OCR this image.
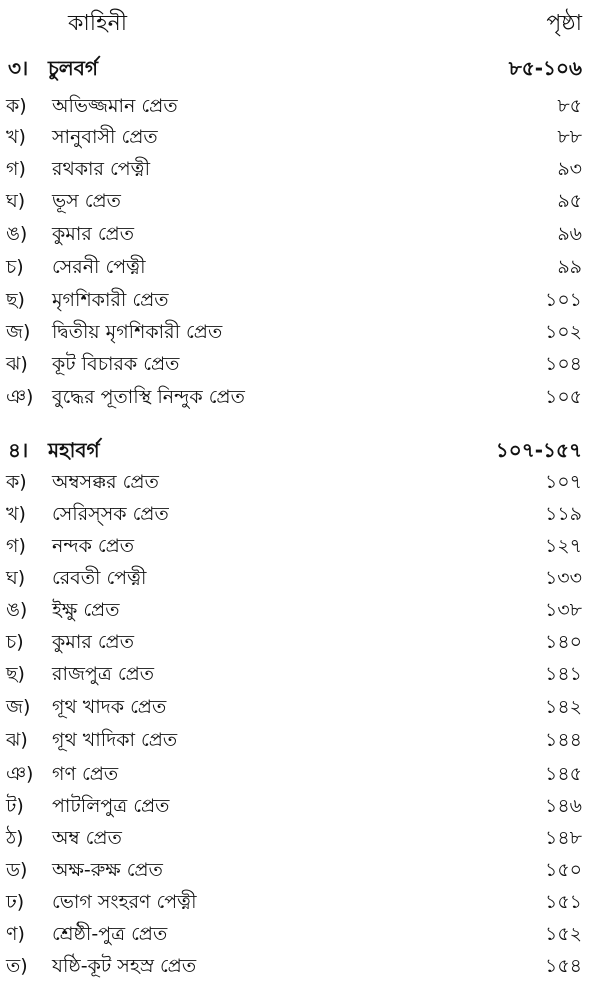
কাহিনী	পৃষ্ঠা
৩। চুলবর্গ	৮৫-১০৬
ক) অভিজ্জমান প্রেত	৮৫
খ) সানুবাসী প্রেত	৮৮
গ) রথকার পেত্নী	৯৩
ঘ) ভূস প্রেত	৯৫
ঙ) কুমার প্রেত	৯৬
চ) সেরনী পেত্নী	৯৯
ছ) মৃগশিকারী প্রেত	১০১
জ) দ্বিতীয় মৃগশিকারী প্রেত	১০২
ঝ) কূট বিচারক প্রেত	১০৪
ঞ) বুদ্ধের পূতাস্থি নিন্দুক প্রেত	১০৫
৪। মহাবর্গ	১০৭-১৫৭
ক) অম্বসক্কর প্রেত	১০৭
খ) সেরিস্সক প্রেত	১১৯
গ) নন্দক প্রেত	১২৭
ঘ) রেবতী পেত্নী	১৩৩
ঙ) ইক্ষু প্রেত	১৩৮
চ) কুমার প্রেত	১৪০
ছ) রাজপুত্র প্রেত	১৪১
জ) গূথ খাদক প্রেত	১৪২
ঝ) গূথ খাদিকা প্রেত	১৪৪
ঞ) গণ প্রেত	১৪৫
ট) পাটলিপুত্র প্রেত	১৪৬
ঠ) অম্ব প্রেত	১৪৮
ড) অক্ষ-রুক্ষ প্রেত	১৫০
ঢ) ভোগ সংহরণ পেত্নী	১৫১
ণ) শ্রেষ্ঠী-পুত্র প্রেত	১৫২
ত) যষ্ঠি-কূট সহস্র প্রেত	১৫৪
